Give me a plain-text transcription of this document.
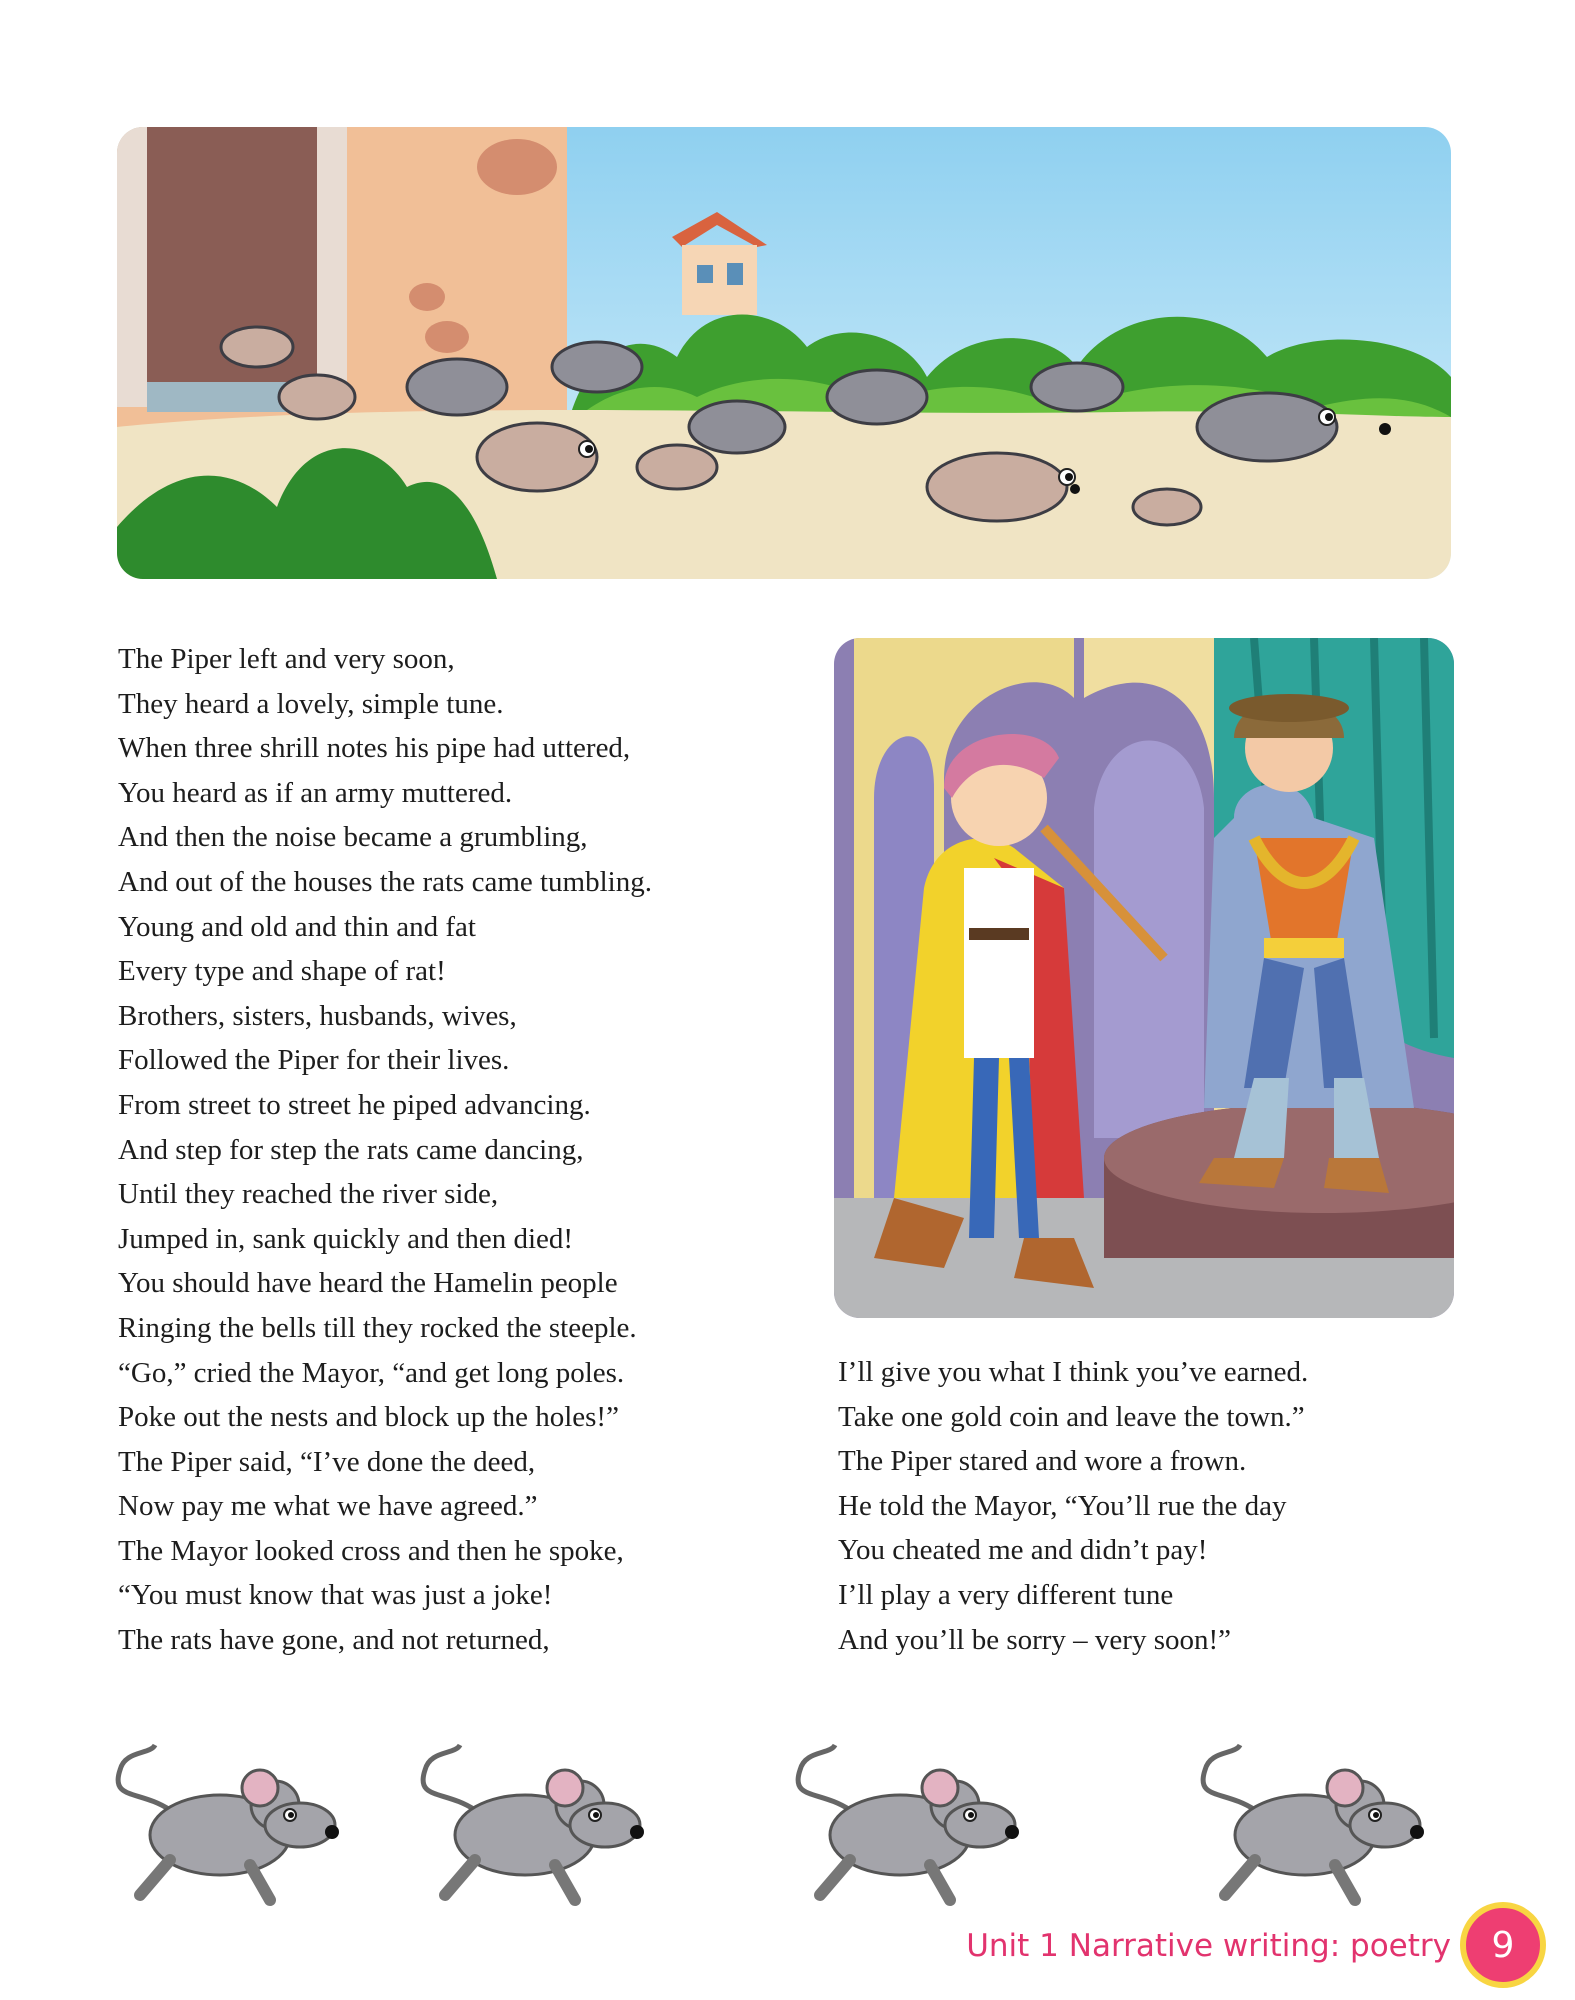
The Piper left and very soon,
They heard a lovely, simple tune.
When three shrill notes his pipe had uttered,
You heard as if an army muttered.
And then the noise became a grumbling,
And out of the houses the rats came tumbling.
Young and old and thin and fat
Every type and shape of rat!
Brothers, sisters, husbands, wives,
Followed the Piper for their lives.
From street to street he piped advancing.
And step for step the rats came dancing,
Until they reached the river side,
Jumped in, sank quickly and then died!
You should have heard the Hamelin people
Ringing the bells till they rocked the steeple.
“Go,” cried the Mayor, “and get long poles.
Poke out the nests and block up the holes!”
The Piper said, “I’ve done the deed,
Now pay me what we have agreed.”
The Mayor looked cross and then he spoke,
“You must know that was just a joke!
The rats have gone, and not returned,
I’ll give you what I think you’ve earned.
Take one gold coin and leave the town.”
The Piper stared and wore a frown.
He told the Mayor, “You’ll rue the day
You cheated me and didn’t pay!
I’ll play a very different tune
And you’ll be sorry – very soon!”
Unit 1 Narrative writing: poetry 9
